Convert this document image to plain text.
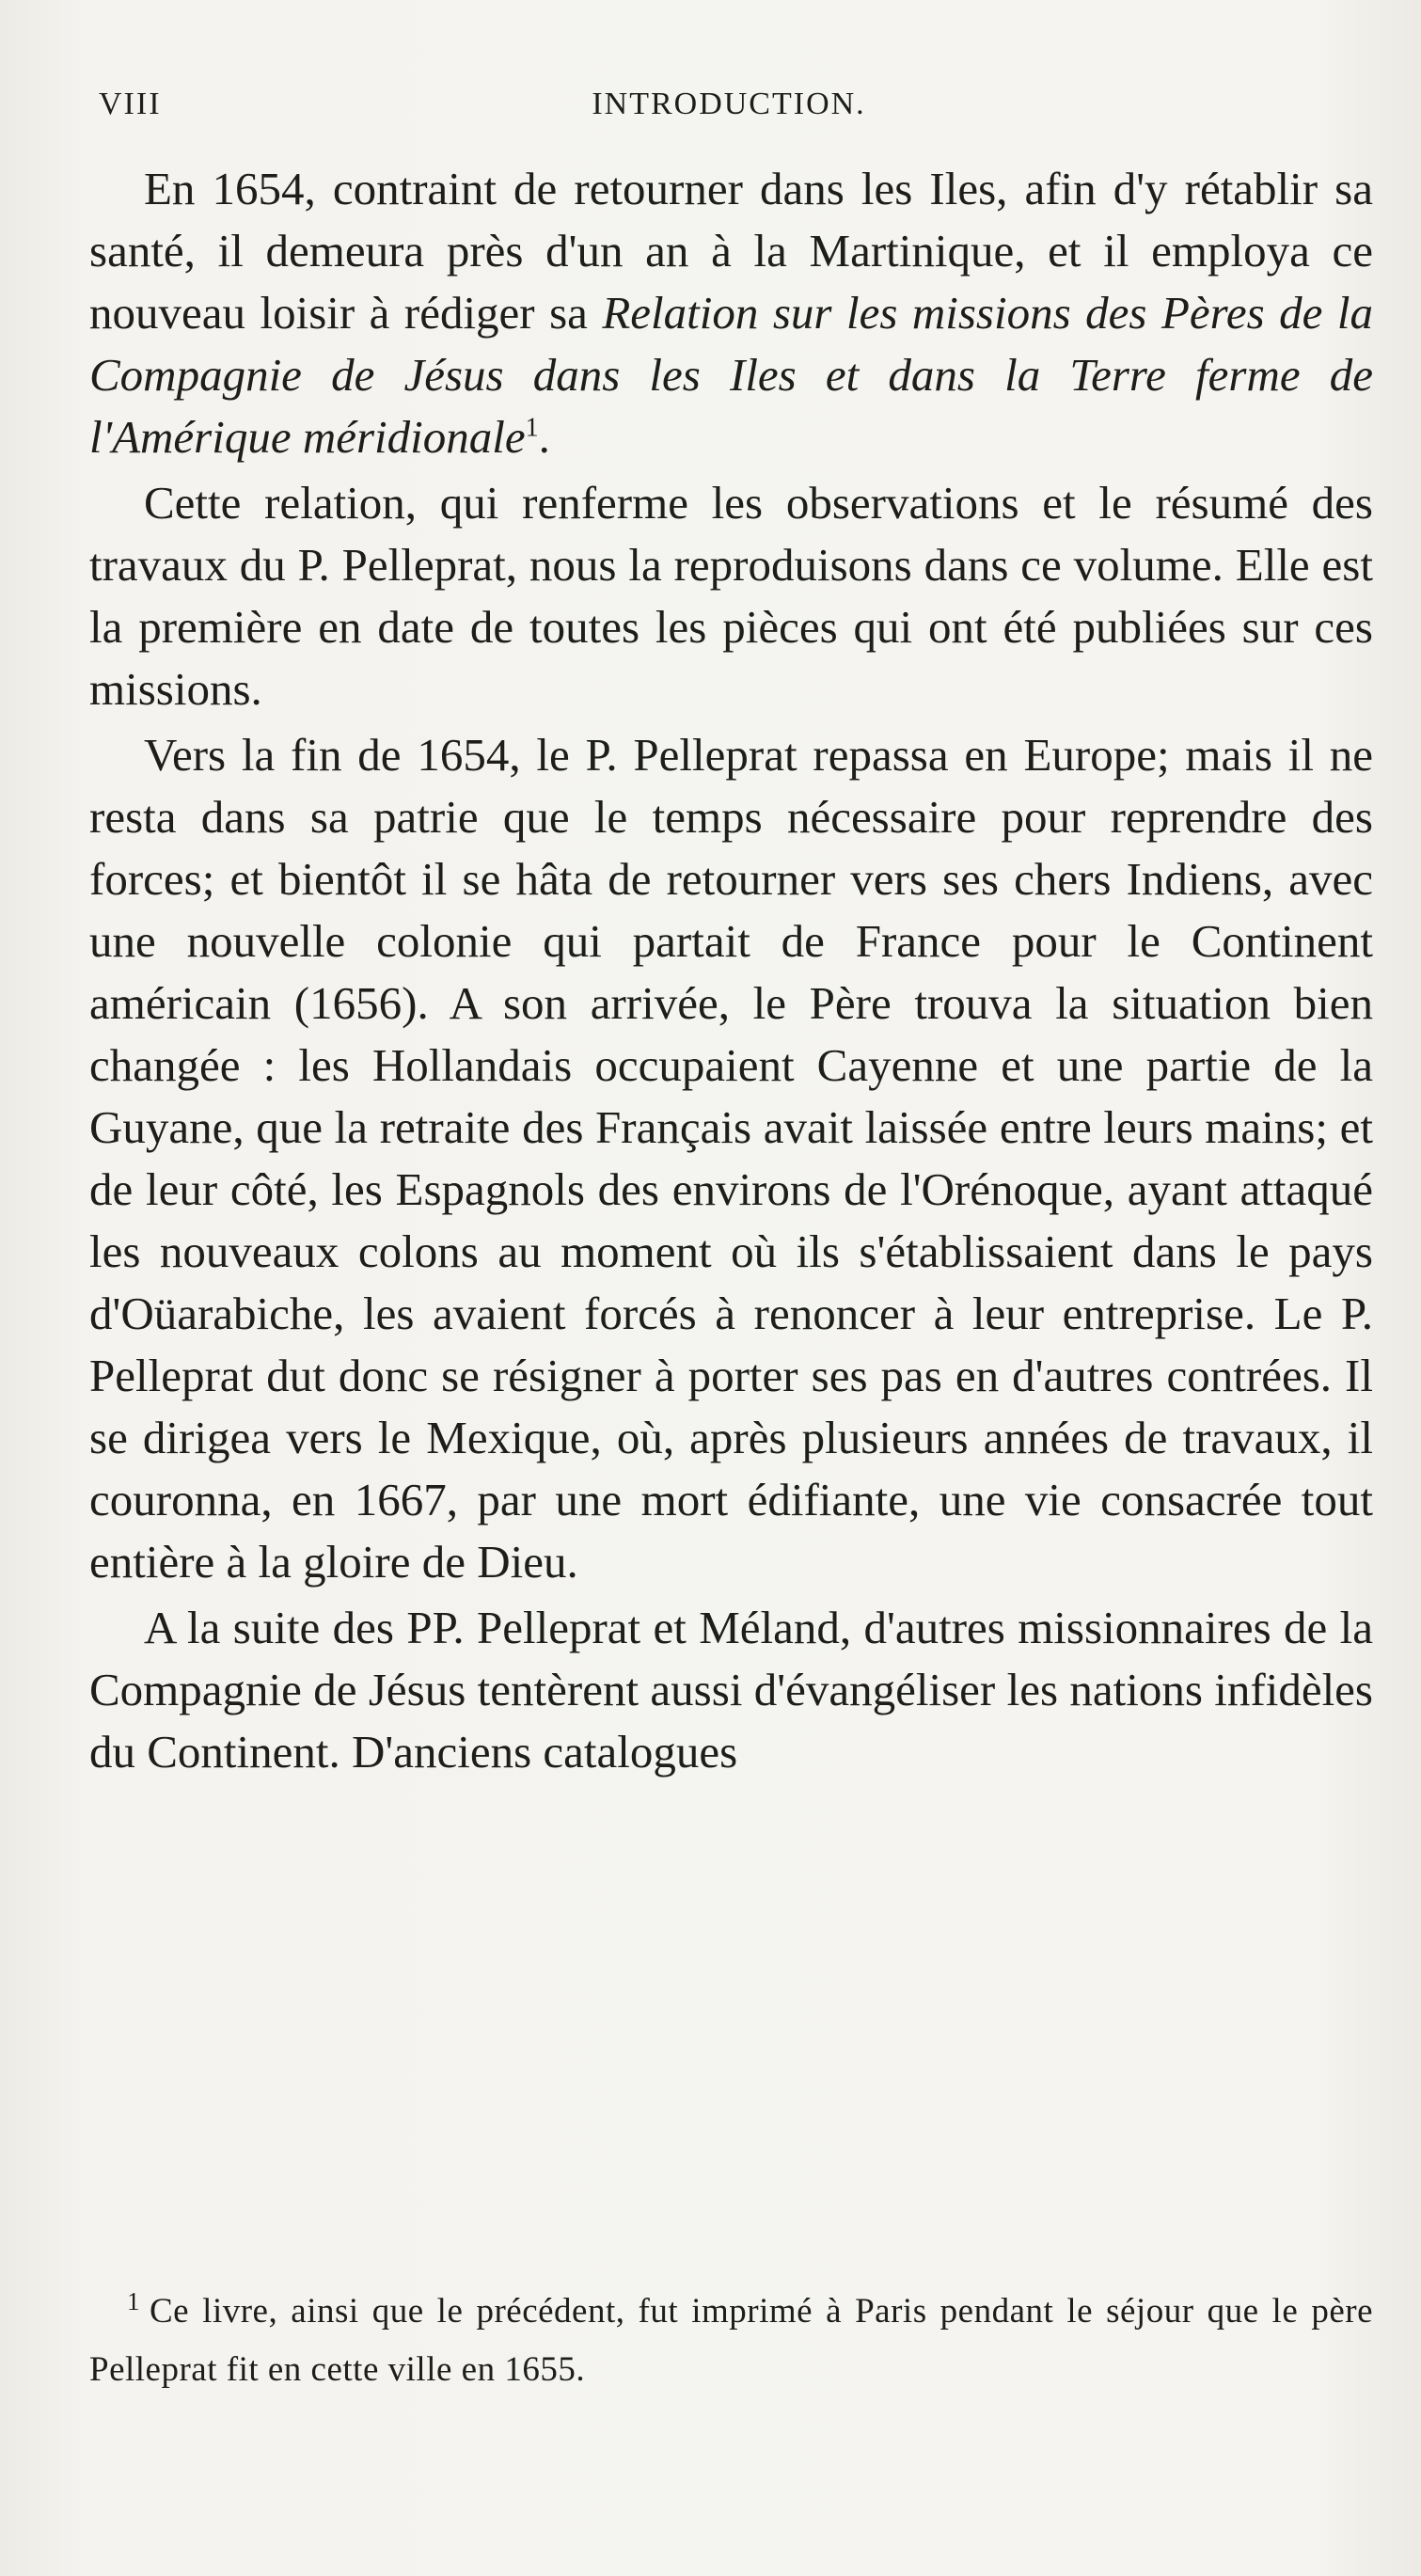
VIII	INTRODUCTION.

En 1654, contraint de retourner dans les Iles, afin d'y rétablir sa santé, il demeura près d'un an à la Martinique, et il employa ce nouveau loisir à rédiger sa Relation sur les missions des Pères de la Compagnie de Jésus dans les Iles et dans la Terre ferme de l'Amérique méridionale$^1$.

Cette relation, qui renferme les observations et le résumé des travaux du P. Pelleprat, nous la reproduisons dans ce volume. Elle est la première en date de toutes les pièces qui ont été publiées sur ces missions.

Vers la fin de 1654, le P. Pelleprat repassa en Europe; mais il ne resta dans sa patrie que le temps nécessaire pour reprendre des forces; et bientôt il se hâta de retourner vers ses chers Indiens, avec une nouvelle colonie qui partait de France pour le Continent américain (1656). A son arrivée, le Père trouva la situation bien changée : les Hollandais occupaient Cayenne et une partie de la Guyane, que la retraite des Français avait laissée entre leurs mains; et de leur côté, les Espagnols des environs de l'Orénoque, ayant attaqué les nouveaux colons au moment où ils s'établissaient dans le pays d'Oüarabiche, les avaient forcés à renoncer à leur entreprise. Le P. Pelleprat dut donc se résigner à porter ses pas en d'autres contrées. Il se dirigea vers le Mexique, où, après plusieurs années de travaux, il couronna, en 1667, par une mort édifiante, une vie consacrée tout entière à la gloire de Dieu.

A la suite des PP. Pelleprat et Méland, d'autres missionnaires de la Compagnie de Jésus tentèrent aussi d'évangéliser les nations infidèles du Continent. D'anciens catalogues

$^1$ Ce livre, ainsi que le précédent, fut imprimé à Paris pendant le séjour que le père Pelleprat fit en cette ville en 1655.
